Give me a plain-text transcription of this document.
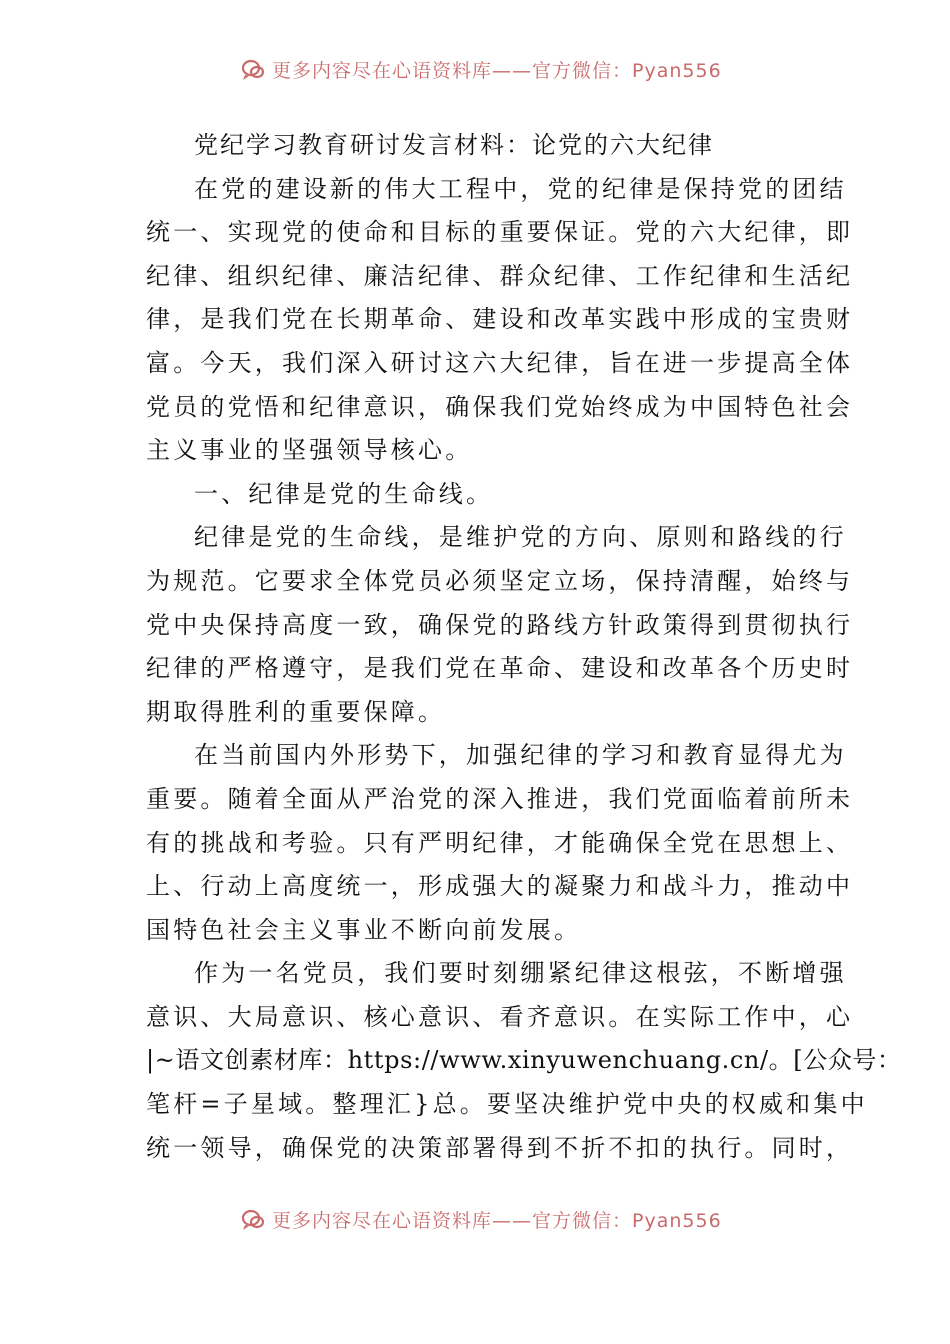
更多内容尽在心语资料库——官方微信：Pyan556
党纪学习教育研讨发言材料：论党的六大纪律
在党的建设新的伟大工程中，党的纪律是保持党的团结
统一、实现党的使命和目标的重要保证。党的六大纪律，即
纪律、组织纪律、廉洁纪律、群众纪律、工作纪律和生活纪
律，是我们党在长期革命、建设和改革实践中形成的宝贵财
富。今天，我们深入研讨这六大纪律，旨在进一步提高全体
党员的党悟和纪律意识，确保我们党始终成为中国特色社会
主义事业的坚强领导核心。
一、纪律是党的生命线。
纪律是党的生命线，是维护党的方向、原则和路线的行
为规范。它要求全体党员必须坚定立场，保持清醒，始终与
党中央保持高度一致，确保党的路线方针政策得到贯彻执行
纪律的严格遵守，是我们党在革命、建设和改革各个历史时
期取得胜利的重要保障。
在当前国内外形势下，加强纪律的学习和教育显得尤为
重要。随着全面从严治党的深入推进，我们党面临着前所未
有的挑战和考验。只有严明纪律，才能确保全党在思想上、
上、行动上高度统一，形成强大的凝聚力和战斗力，推动中
国特色社会主义事业不断向前发展。
作为一名党员，我们要时刻绷紧纪律这根弦，不断增强
意识、大局意识、核心意识、看齐意识。在实际工作中，心
|~语文创素材库：https://www.xinyuwenchuang.cn/。[公众号：
笔杆=子星域。整理汇}总。要坚决维护党中央的权威和集中
统一领导，确保党的决策部署得到不折不扣的执行。同时，
更多内容尽在心语资料库——官方微信：Pyan556
